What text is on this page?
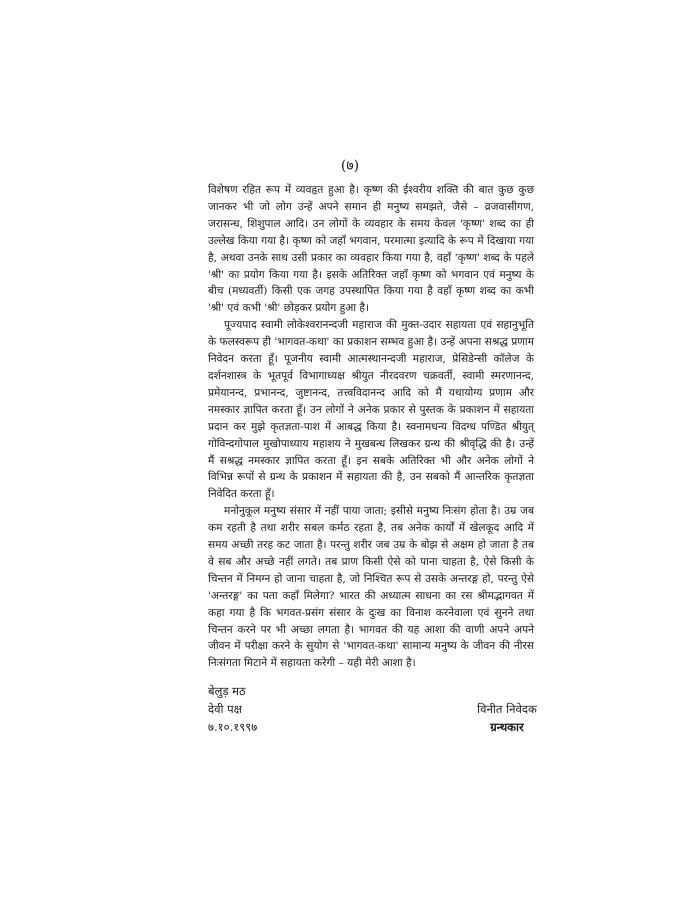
(७)

विशेषण रहित रूप में व्यवहृत हुआ है। कृष्ण की ईश्वरीय शक्ति की बात कुछ कुछ जानकर भी जो लोग उन्हें अपने समान ही मनुष्य समझते, जैसे – व्रजवासीगण, जरासन्ध, शिशुपाल आदि। उन लोगों के व्यवहार के समय केवल 'कृष्ण' शब्द का ही उल्लेख किया गया है। कृष्ण को जहाँ भगवान, परमात्मा इत्यादि के रूप में दिखाया गया है, अथवा उनके साथ उसी प्रकार का व्यवहार किया गया है, वहाँ 'कृष्ण' शब्द के पहले 'श्री' का प्रयोग किया गया है। इसके अतिरिक्त जहाँ कृष्ण को भगवान एवं मनुष्य के बीच (मध्यवर्ती) किसी एक जगह उपस्थापित किया गया है वहाँ कृष्ण शब्द का कभी 'श्री' एवं कभी 'श्री' छोड़कर प्रयोग हुआ है।

पूज्यपाद स्वामी लोकेश्वरानन्दजी महाराज की मुक्त-उदार सहायता एवं सहानुभूति के फलस्वरूप ही 'भागवत-कथा' का प्रकाशन सम्भव हुआ है। उन्हें अपना सश्रद्ध प्रणाम निवेदन करता हूँ। पूजनीय स्वामी आत्मस्थानन्दजी महाराज, प्रेसिडेन्सी कॉलेज के दर्शनशास्त्र के भूतपूर्व विभागाध्यक्ष श्रीयुत नीरदवरण चक्रवर्ती, स्वामी स्मरणानन्द, प्रमेयानन्द, प्रभानन्द, जुष्टानन्द, तत्त्वविदानन्द आदि को मैं यथायोग्य प्रणाम और नमस्कार ज्ञापित करता हूँ। उन लोगों ने अनेक प्रकार से पुस्तक के प्रकाशन में सहायता प्रदान कर मुझे कृतज्ञता-पाश में आबद्ध किया है। स्वनामधन्य विदग्ध पण्डित श्रीयुत् गोविन्दगोपाल मुखोपाध्याय महाशय ने मुखबन्ध लिखकर ग्रन्थ की श्रीवृद्धि की है। उन्हें मैं सश्रद्ध नमस्कार ज्ञापित करता हूँ। इन सबके अतिरिक्त भी और अनेक लोगों ने विभिन्न रूपों से ग्रन्थ के प्रकाशन में सहायता की है, उन सबको मैं आन्तरिक कृतज्ञता निवेदित करता हूँ।

मनोनुकूल मनुष्य संसार में नहीं पाया जाता; इसीसे मनुष्य निःसंग होता है। उम्र जब कम रहती है तथा शरीर सबल कर्मठ रहता है, तब अनेक कार्यों में खेलकूद आदि में समय अच्छी तरह कट जाता है। परन्तु शरीर जब उम्र के बोझ से अक्षम हो जाता है तब वे सब और अच्छे नहीं लगते। तब प्राण किसी ऐसे को पाना चाहता है, ऐसे किसी के चिन्तन में निमग्न हो जाना चाहता है, जो निश्चित रूप से उसके अन्तरङ्ग हो, परन्तु ऐसे 'अन्तरङ्ग' का पता कहाँ मिलेगा? भारत की अध्यात्म साधना का रस श्रीमद्भागवत में कहा गया है कि भगवत-प्रसंग संसार के दुःख का विनाश करनेवाला एवं सुनने तथा चिन्तन करने पर भी अच्छा लगता है। भागवत की यह आशा की वाणी अपने अपने जीवन में परीक्षा करने के सुयोग से 'भागवत-कथा' सामान्य मनुष्य के जीवन की नीरस निःसंगता मिटाने में सहायता करेगी – यही मेरी आशा है।

बेलुड़ मठ
देवी पक्ष
७.१०.१९९७
विनीत निवेदक
ग्रन्थकार
